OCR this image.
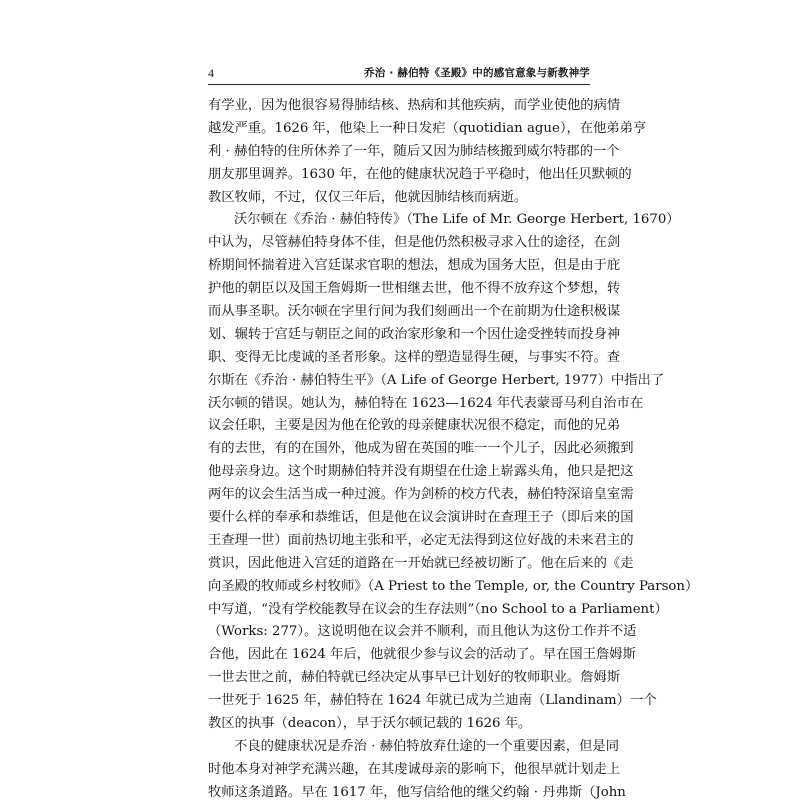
4	乔治 · 赫伯特《圣殿》中的感官意象与新教神学
有学业，因为他很容易得肺结核、热病和其他疾病，而学业使他的病情
越发严重。1626 年，他染上一种日发疟（quotidian ague），在他弟弟亨
利 · 赫伯特的住所休养了一年，随后又因为肺结核搬到威尔特郡的一个
朋友那里调养。1630 年，在他的健康状况趋于平稳时，他出任贝默顿的
教区牧师，不过，仅仅三年后，他就因肺结核而病逝。
沃尔顿在《乔治 · 赫伯特传》（The Life of Mr. George Herbert, 1670）
中认为，尽管赫伯特身体不佳，但是他仍然积极寻求入仕的途径，在剑
桥期间怀揣着进入宫廷谋求官职的想法，想成为国务大臣，但是由于庇
护他的朝臣以及国王詹姆斯一世相继去世，他不得不放弃这个梦想，转
而从事圣职。沃尔顿在字里行间为我们刻画出一个在前期为仕途积极谋
划、辗转于宫廷与朝臣之间的政治家形象和一个因仕途受挫转而投身神
职、变得无比虔诚的圣者形象。这样的塑造显得生硬，与事实不符。查
尔斯在《乔治 · 赫伯特生平》（A Life of George Herbert, 1977）中指出了
沃尔顿的错误。她认为，赫伯特在 1623—1624 年代表蒙哥马利自治市在
议会任职，主要是因为他在伦敦的母亲健康状况很不稳定，而他的兄弟
有的去世，有的在国外，他成为留在英国的唯一一个儿子，因此必须搬到
他母亲身边。这个时期赫伯特并没有期望在仕途上崭露头角，他只是把这
两年的议会生活当成一种过渡。作为剑桥的校方代表，赫伯特深谙皇室需
要什么样的奉承和恭维话，但是他在议会演讲时在查理王子（即后来的国
王查理一世）面前热切地主张和平，必定无法得到这位好战的未来君主的
赏识，因此他进入宫廷的道路在一开始就已经被切断了。他在后来的《走
向圣殿的牧师或乡村牧师》（A Priest to the Temple, or, the Country Parson）
中写道，“没有学校能教导在议会的生存法则”（no School to a Parliament）
（Works: 277）。这说明他在议会并不顺利，而且他认为这份工作并不适
合他，因此在 1624 年后，他就很少参与议会的活动了。早在国王詹姆斯
一世去世之前，赫伯特就已经决定从事早已计划好的牧师职业。詹姆斯
一世死于 1625 年，赫伯特在 1624 年就已成为兰迪南（Llandinam）一个
教区的执事（deacon），早于沃尔顿记载的 1626 年。
不良的健康状况是乔治 · 赫伯特放弃仕途的一个重要因素，但是同
时他本身对神学充满兴趣，在其虔诚母亲的影响下，他很早就计划走上
牧师这条道路。早在 1617 年，他写信给他的继父约翰 · 丹弗斯（John
